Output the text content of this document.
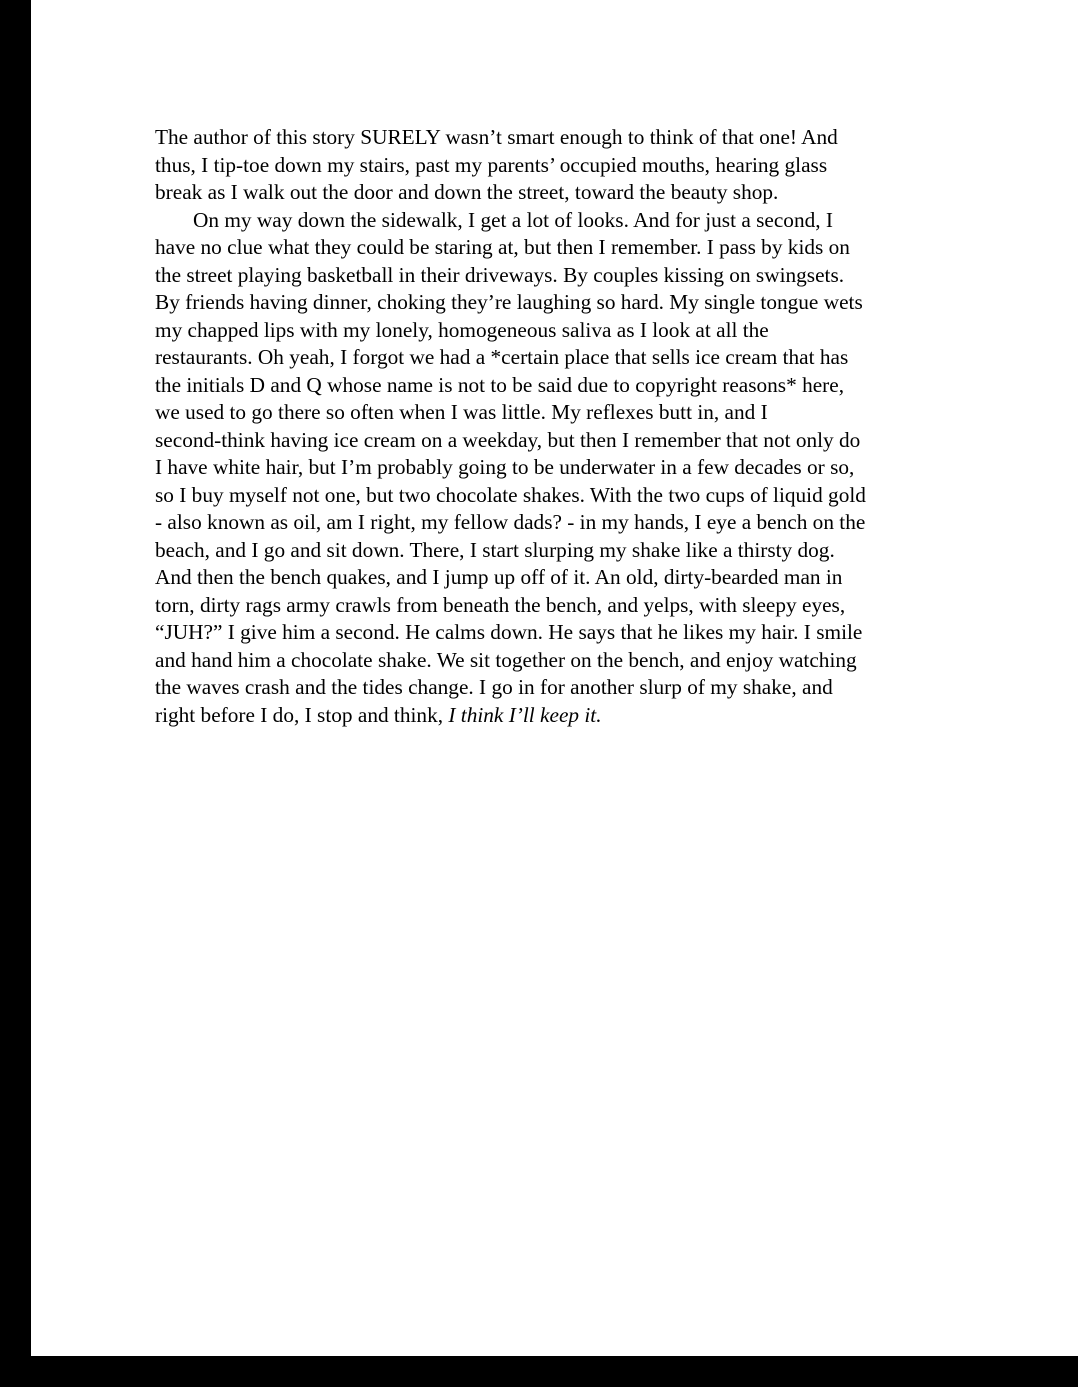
The author of this story SURELY wasn’t smart enough to think of that one! And
thus, I tip-toe down my stairs, past my parents’ occupied mouths, hearing glass
break as I walk out the door and down the street, toward the beauty shop.

On my way down the sidewalk, I get a lot of looks. And for just a second, I
have no clue what they could be staring at, but then I remember. I pass by kids on
the street playing basketball in their driveways. By couples kissing on swingsets.
By friends having dinner, choking they’re laughing so hard. My single tongue wets
my chapped lips with my lonely, homogeneous saliva as I look at all the
restaurants. Oh yeah, I forgot we had a *certain place that sells ice cream that has
the initials D and Q whose name is not to be said due to copyright reasons* here,
we used to go there so often when I was little. My reflexes butt in, and I
second-think having ice cream on a weekday, but then I remember that not only do
I have white hair, but I’m probably going to be underwater in a few decades or so,
so I buy myself not one, but two chocolate shakes. With the two cups of liquid gold
- also known as oil, am I right, my fellow dads? - in my hands, I eye a bench on the
beach, and I go and sit down. There, I start slurping my shake like a thirsty dog.
And then the bench quakes, and I jump up off of it. An old, dirty-bearded man in
torn, dirty rags army crawls from beneath the bench, and yelps, with sleepy eyes,
“JUH?” I give him a second. He calms down. He says that he likes my hair. I smile
and hand him a chocolate shake. We sit together on the bench, and enjoy watching
the waves crash and the tides change. I go in for another slurp of my shake, and
right before I do, I stop and think, I think I’ll keep it.
